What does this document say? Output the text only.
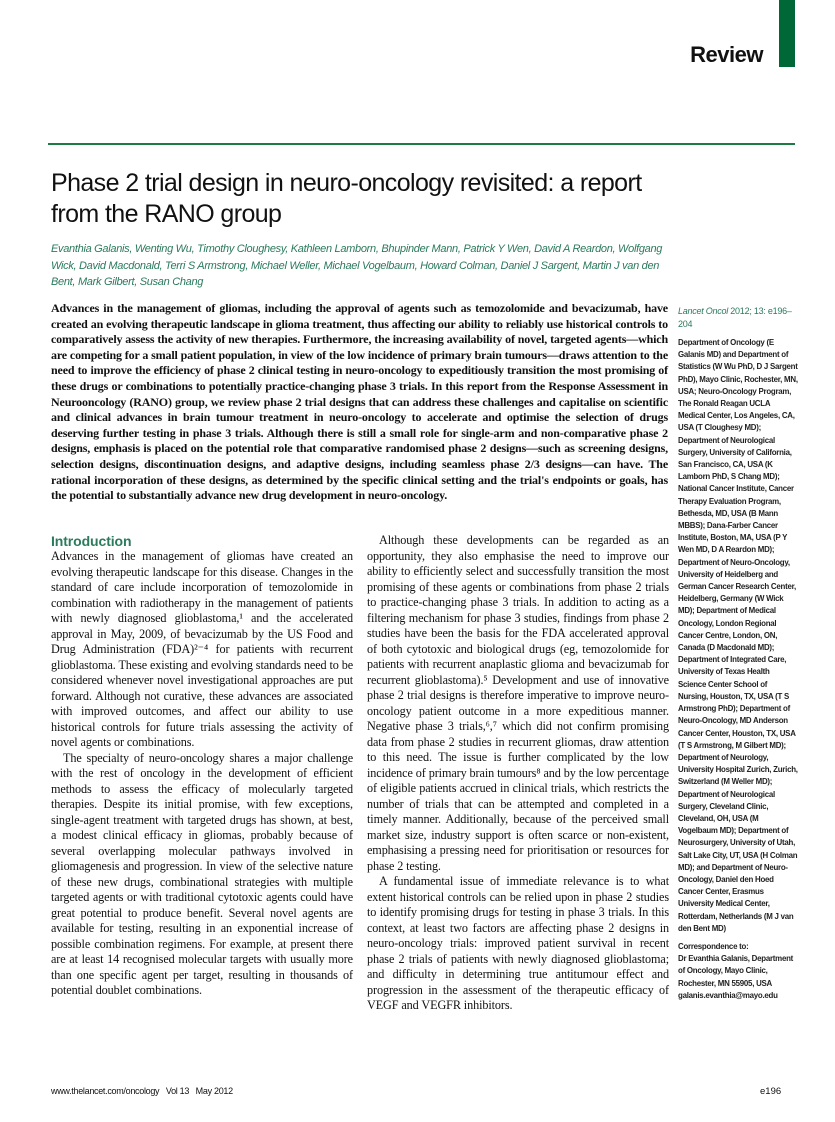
Review
Phase 2 trial design in neuro-oncology revisited: a report from the RANO group
Evanthia Galanis, Wenting Wu, Timothy Cloughesy, Kathleen Lamborn, Bhupinder Mann, Patrick Y Wen, David A Reardon, Wolfgang Wick, David Macdonald, Terri S Armstrong, Michael Weller, Michael Vogelbaum, Howard Colman, Daniel J Sargent, Martin J van den Bent, Mark Gilbert, Susan Chang

Advances in the management of gliomas, including the approval of agents such as temozolomide and bevacizumab, have created an evolving therapeutic landscape in glioma treatment, thus affecting our ability to reliably use historical controls to comparatively assess the activity of new therapies. Furthermore, the increasing availability of novel, targeted agents—which are competing for a small patient population, in view of the low incidence of primary brain tumours—draws attention to the need to improve the efficiency of phase 2 clinical testing in neuro-oncology to expeditiously transition the most promising of these drugs or combinations to potentially practice-changing phase 3 trials. In this report from the Response Assessment in Neurooncology (RANO) group, we review phase 2 trial designs that can address these challenges and capitalise on scientific and clinical advances in brain tumour treatment in neuro-oncology to accelerate and optimise the selection of drugs deserving further testing in phase 3 trials. Although there is still a small role for single-arm and non-comparative phase 2 designs, emphasis is placed on the potential role that comparative randomised phase 2 designs—such as screening designs, selection designs, discontinuation designs, and adaptive designs, including seamless phase 2/3 designs—can have. The rational incorporation of these designs, as determined by the specific clinical setting and the trial's endpoints or goals, has the potential to substantially advance new drug development in neuro-oncology.

Introduction

Advances in the management of gliomas have created an evolving therapeutic landscape for this disease. Changes in the standard of care include incorporation of temozolomide in combination with radiotherapy in the management of patients with newly diagnosed glioblastoma,¹ and the accelerated approval in May, 2009, of bevacizumab by the US Food and Drug Administration (FDA)²⁻⁴ for patients with recurrent glioblastoma. These existing and evolving standards need to be considered whenever novel investigational approaches are put forward. Although not curative, these advances are associated with improved outcomes, and affect our ability to use historical controls for future trials assessing the activity of novel agents or combinations.

The specialty of neuro-oncology shares a major challenge with the rest of oncology in the development of efficient methods to assess the efficacy of molecularly targeted therapies. Despite its initial promise, with few exceptions, single-agent treatment with targeted drugs has shown, at best, a modest clinical efficacy in gliomas, probably because of several overlapping molecular pathways involved in gliomagenesis and progression. In view of the selective nature of these new drugs, combinational strategies with multiple targeted agents or with traditional cytotoxic agents could have great potential to produce benefit. Several novel agents are available for testing, resulting in an exponential increase of possible combination regimens. For example, at present there are at least 14 recognised molecular targets with usually more than one specific agent per target, resulting in thousands of potential doublet combinations.

Although these developments can be regarded as an opportunity, they also emphasise the need to improve our ability to efficiently select and successfully transition the most promising of these agents or combinations from phase 2 trials to practice-changing phase 3 trials. In addition to acting as a filtering mechanism for phase 3 studies, findings from phase 2 studies have been the basis for the FDA accelerated approval of both cytotoxic and biological drugs (eg, temozolomide for patients with recurrent anaplastic glioma and bevacizumab for recurrent glioblastoma).⁵ Development and use of innovative phase 2 trial designs is therefore imperative to improve neuro-oncology patient outcome in a more expeditious manner. Negative phase 3 trials,⁶,⁷ which did not confirm promising data from phase 2 studies in recurrent gliomas, draw attention to this need. The issue is further complicated by the low incidence of primary brain tumours⁸ and by the low percentage of eligible patients accrued in clinical trials, which restricts the number of trials that can be attempted and completed in a timely manner. Additionally, because of the perceived small market size, industry support is often scarce or non-existent, emphasising a pressing need for prioritisation or resources for phase 2 testing.

A fundamental issue of immediate relevance is to what extent historical controls can be relied upon in phase 2 studies to identify promising drugs for testing in phase 3 trials. In this context, at least two factors are affecting phase 2 designs in neuro-oncology trials: improved patient survival in recent phase 2 trials of patients with newly diagnosed glioblastoma; and difficulty in determining true antitumour effect and progression in the assessment of the therapeutic efficacy of VEGF and VEGFR inhibitors.

Lancet Oncol 2012; 13: e196–204

Department of Oncology (E Galanis MD) and Department of Statistics (W Wu PhD, D J Sargent PhD), Mayo Clinic, Rochester, MN, USA; Neuro-Oncology Program, The Ronald Reagan UCLA Medical Center, Los Angeles, CA, USA (T Cloughesy MD); Department of Neurological Surgery, University of California, San Francisco, CA, USA (K Lamborn PhD, S Chang MD); National Cancer Institute, Cancer Therapy Evaluation Program, Bethesda, MD, USA (B Mann MBBS); Dana-Farber Cancer Institute, Boston, MA, USA (P Y Wen MD, D A Reardon MD); Department of Neuro-Oncology, University of Heidelberg and German Cancer Research Center, Heidelberg, Germany (W Wick MD); Department of Medical Oncology, London Regional Cancer Centre, London, ON, Canada (D Macdonald MD); Department of Integrated Care, University of Texas Health Science Center School of Nursing, Houston, TX, USA (T S Armstrong PhD); Department of Neuro-Oncology, MD Anderson Cancer Center, Houston, TX, USA (T S Armstrong, M Gilbert MD); Department of Neurology, University Hospital Zurich, Zurich, Switzerland (M Weller MD); Department of Neurological Surgery, Cleveland Clinic, Cleveland, OH, USA (M Vogelbaum MD); Department of Neurosurgery, University of Utah, Salt Lake City, UT, USA (H Colman MD); and Department of Neuro-Oncology, Daniel den Hoed Cancer Center, Erasmus University Medical Center, Rotterdam, Netherlands (M J van den Bent MD)

Correspondence to:
Dr Evanthia Galanis, Department of Oncology, Mayo Clinic, Rochester, MN 55905, USA
galanis.evanthia@mayo.edu
www.thelancet.com/oncology   Vol 13   May 2012	e196
